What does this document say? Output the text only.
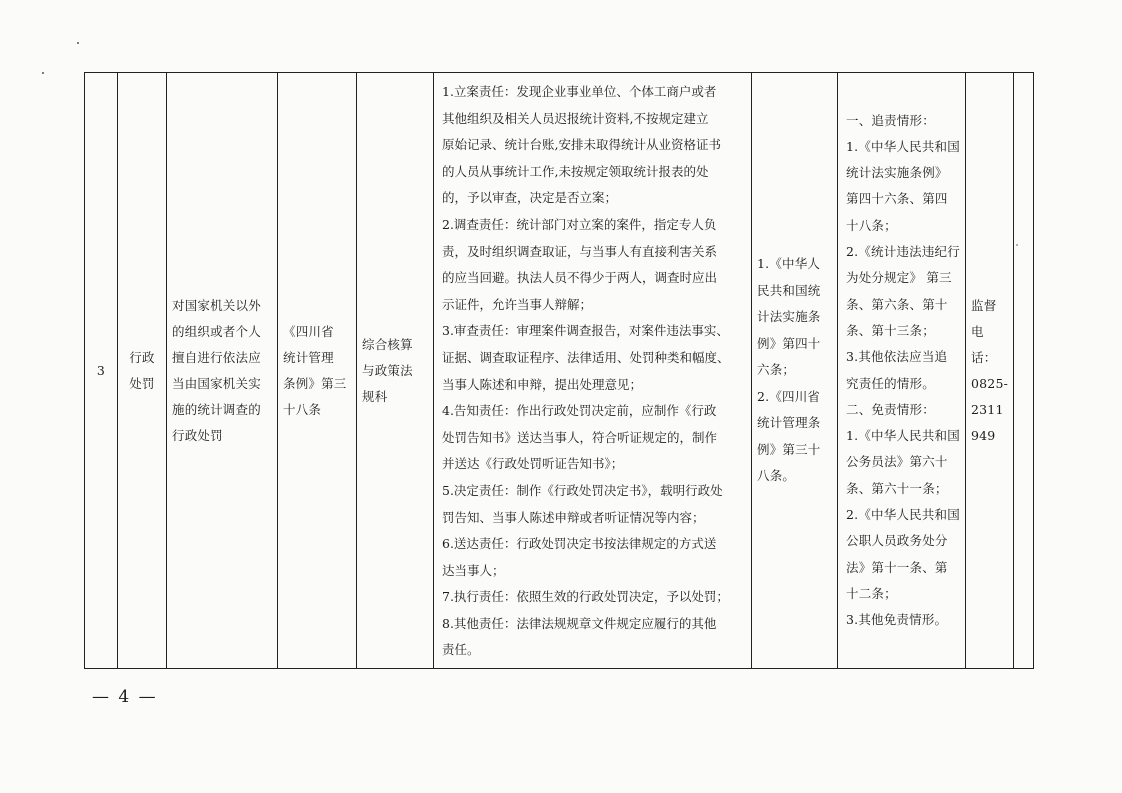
3

行政
处罚

对国家机关以外
的组织或者个人
擅自进行依法应
当由国家机关实
施的统计调查的
行政处罚

《四川省
统计管理
条例》第三
十八条

综合核算
与政策法
规科

1.立案责任：发现企业事业单位、个体工商户或者
其他组织及相关人员迟报统计资料,不按规定建立
原始记录、统计台账,安排未取得统计从业资格证书
的人员从事统计工作,未按规定领取统计报表的处
的，予以审查，决定是否立案；
2.调查责任：统计部门对立案的案件，指定专人负
责，及时组织调查取证，与当事人有直接利害关系
的应当回避。执法人员不得少于两人，调查时应出
示证件，允许当事人辩解；
3.审查责任：审理案件调查报告，对案件违法事实、
证据、调查取证程序、法律适用、处罚种类和幅度、
当事人陈述和申辩，提出处理意见；
4.告知责任：作出行政处罚决定前，应制作《行政
处罚告知书》送达当事人，符合听证规定的，制作
并送达《行政处罚听证告知书》；
5.决定责任：制作《行政处罚决定书》，载明行政处
罚告知、当事人陈述申辩或者听证情况等内容；
6.送达责任：行政处罚决定书按法律规定的方式送
达当事人；
7.执行责任：依照生效的行政处罚决定，予以处罚；
8.其他责任：法律法规规章文件规定应履行的其他
责任。

1.《中华人
民共和国统
计法实施条
例》第四十
六条；
2.《四川省
统计管理条
例》第三十
八条。

一、追责情形：
1.《中华人民共和国
统计法实施条例》
第四十六条、第四
十八条；
2.《统计违法违纪行
为处分规定》 第三
条、第六条、第十
条、第十三条；
3.其他依法应当追
究责任的情形。
二、免责情形：
1.《中华人民共和国
公务员法》第六十
条、第六十一条；
2.《中华人民共和国
公职人员政务处分
法》第十一条、第
十二条；
3.其他免责情形。

监督
电
话：
0825-
2311
949

— 4 —
